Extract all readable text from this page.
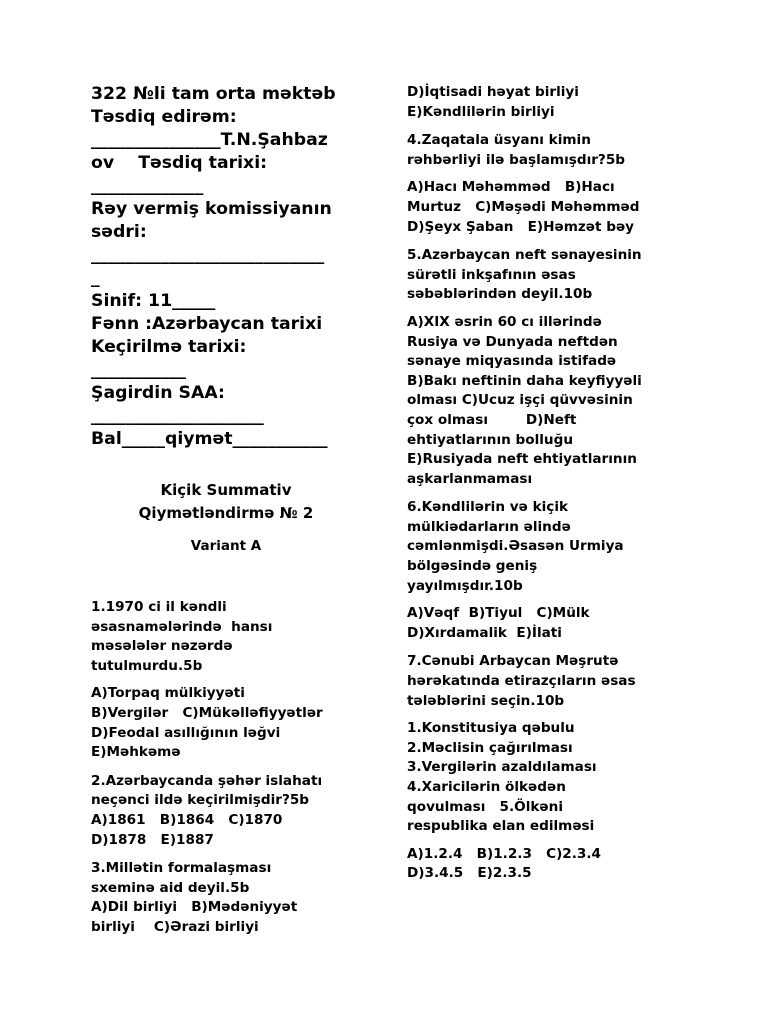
322 №li tam orta məktəb

Təsdiq edirəm:

_______________T.N.Şahbaz

ov    Təsdiq tarixi:

_____________

Rəy vermiş komissiyanın

sədri:

___________________________

_

Sinif: 11_____

Fənn :Azərbaycan tarixi

Keçirilmə tarixi:

___________

Şagirdin SAA:

____________________

Bal_____qiymət___________

Kiçik Summativ

Qiymətləndirmə № 2

Variant A

1.1970 ci il kəndli

əsasnamələrində  hansı

məsələlər nəzərdə

tutulmurdu.5b

A)Torpaq mülkiyyəti

B)Vergilər   C)Mükəlləfiyyətlər

D)Feodal asıllığının ləğvi

E)Məhkəmə

2.Azərbaycanda şəhər islahatı

neçənci ildə keçirilmişdir?5b

A)1861   B)1864   C)1870

D)1878   E)1887

3.Millətin formalaşması

sxeminə aid deyil.5b

A)Dil birliyi   B)Mədəniyyət

birliyi    C)Ərazi birliyi

D)İqtisadi həyat birliyi

E)Kəndlilərin birliyi

4.Zaqatala üsyanı kimin

rəhbərliyi ilə başlamışdır?5b

A)Hacı Məhəmməd   B)Hacı

Murtuz   C)Məşədi Məhəmməd

D)Şeyx Şaban   E)Həmzət bəy

5.Azərbaycan neft sənayesinin

sürətli inkşafının əsas

səbəblərindən deyil.10b

A)XIX əsrin 60 cı illərində

Rusiya və Dunyada neftdən

sənaye miqyasında istifadə

B)Bakı neftinin daha keyfiyyəli

olması C)Ucuz işçi qüvvəsinin

çox olması        D)Neft

ehtiyatlarının bolluğu

E)Rusiyada neft ehtiyatlarının

aşkarlanmaması

6.Kəndlilərin və kiçik

mülkiədarların əlində

cəmlənmişdi.Əsasən Urmiya

bölgəsində geniş

yayılmışdır.10b

A)Vəqf  B)Tiyul   C)Mülk

D)Xırdamalik  E)İlati

7.Cənubi Arbaycan Məşrutə

hərəkatında etirazçıların əsas

tələblərini seçin.10b

1.Konstitusiya qəbulu

2.Məclisin çağırılması

3.Vergilərin azaldılaması

4.Xaricilərin ölkədən

qovulması   5.Ölkəni

respublika elan edilməsi

A)1.2.4   B)1.2.3   C)2.3.4

D)3.4.5   E)2.3.5
